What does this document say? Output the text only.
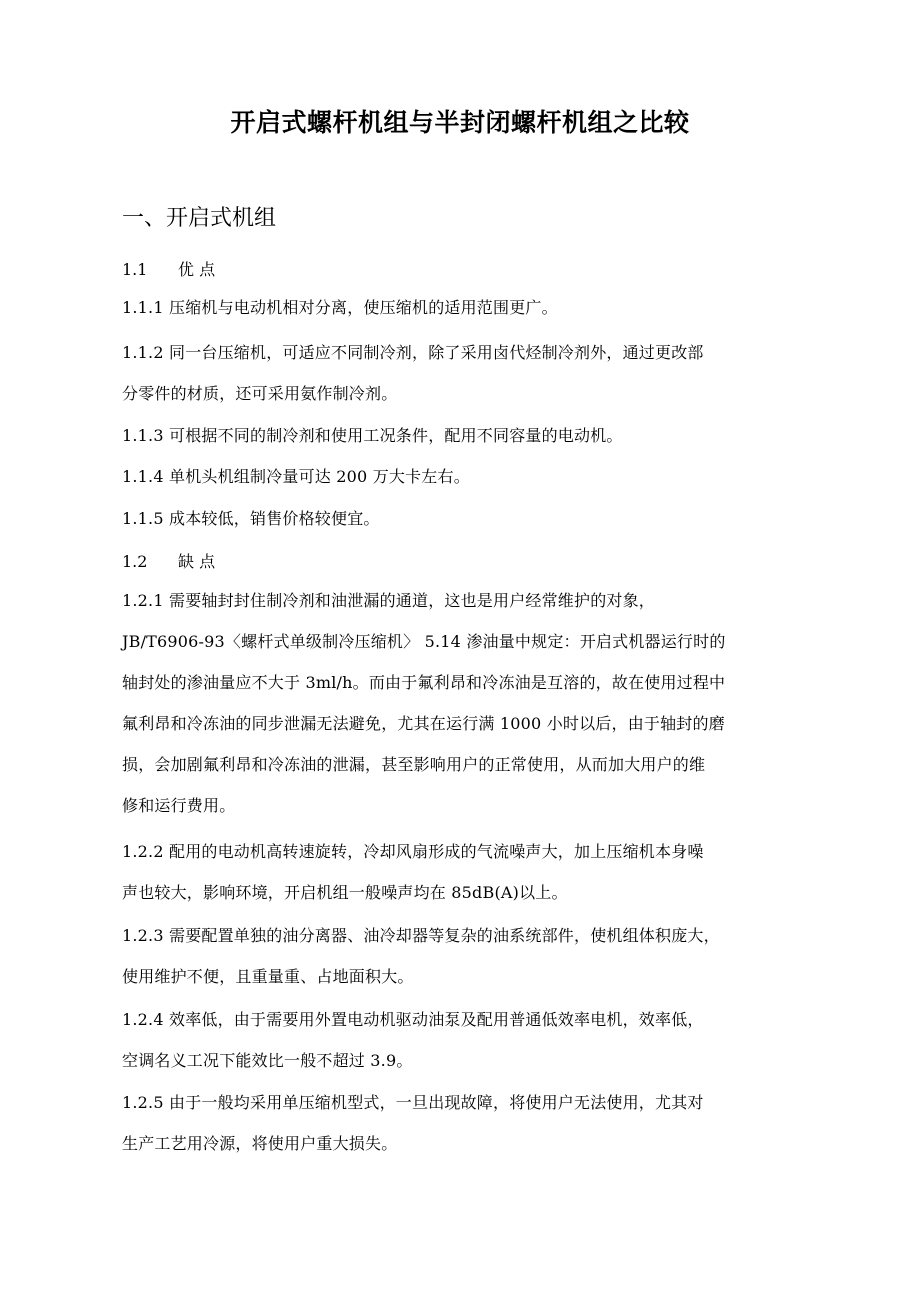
开启式螺杆机组与半封闭螺杆机组之比较
一、开启式机组
1.1 优 点
1.1.1 压缩机与电动机相对分离，使压缩机的适用范围更广。
1.1.2 同一台压缩机，可适应不同制冷剂，除了采用卤代烃制冷剂外，通过更改部
分零件的材质，还可采用氨作制冷剂。
1.1.3 可根据不同的制冷剂和使用工况条件，配用不同容量的电动机。
1.1.4 单机头机组制冷量可达 200 万大卡左右。
1.1.5 成本较低，销售价格较便宜。
1.2 缺 点
1.2.1 需要轴封封住制冷剂和油泄漏的通道，这也是用户经常维护的对象，
JB/T6906-93〈螺杆式单级制冷压缩机〉 5.14 渗油量中规定：开启式机器运行时的
轴封处的渗油量应不大于 3ml/h。而由于氟利昂和冷冻油是互溶的，故在使用过程中
氟利昂和冷冻油的同步泄漏无法避免，尤其在运行满 1000 小时以后，由于轴封的磨
损，会加剧氟利昂和冷冻油的泄漏，甚至影响用户的正常使用，从而加大用户的维
修和运行费用。
1.2.2 配用的电动机高转速旋转，冷却风扇形成的气流噪声大，加上压缩机本身噪
声也较大，影响环境，开启机组一般噪声均在 85dB(A)以上。
1.2.3 需要配置单独的油分离器、油冷却器等复杂的油系统部件，使机组体积庞大，
使用维护不便，且重量重、占地面积大。
1.2.4 效率低，由于需要用外置电动机驱动油泵及配用普通低效率电机，效率低，
空调名义工况下能效比一般不超过 3.9。
1.2.5 由于一般均采用单压缩机型式，一旦出现故障，将使用户无法使用，尤其对
生产工艺用冷源，将使用户重大损失。
